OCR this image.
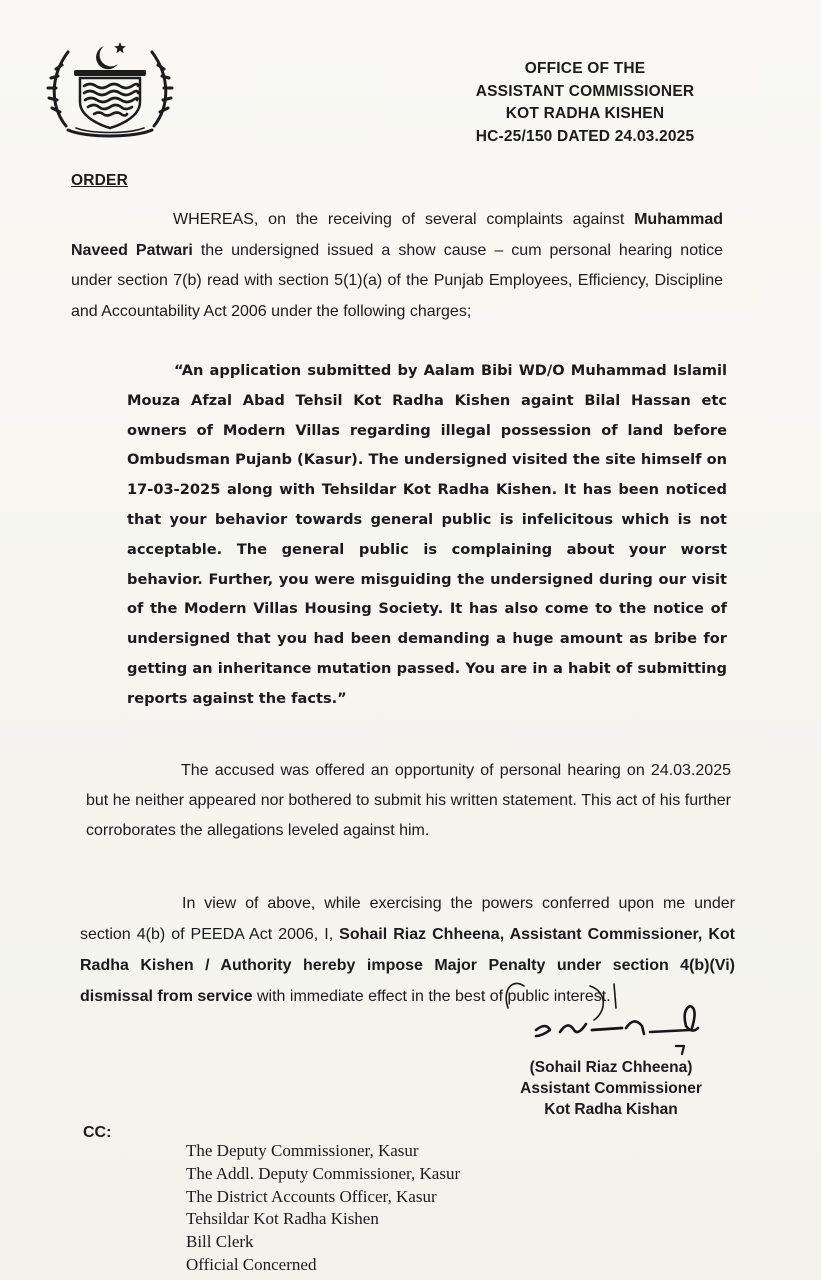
OFFICE OF THE
ASSISTANT COMMISSIONER
KOT RADHA KISHEN
HC-25/150 DATED 24.03.2025
ORDER

WHEREAS, on the receiving of several complaints against Muhammad Naveed Patwari the undersigned issued a show cause – cum personal hearing notice under section 7(b) read with section 5(1)(a) of the Punjab Employees, Efficiency, Discipline and Accountability Act 2006 under the following charges;

“An application submitted by Aalam Bibi WD/O Muhammad Islamil Mouza Afzal Abad Tehsil Kot Radha Kishen againt Bilal Hassan etc owners of Modern Villas regarding illegal possession of land before Ombudsman Pujanb (Kasur). The undersigned visited the site himself on 17-03-2025 along with Tehsildar Kot Radha Kishen. It has been noticed that your behavior towards general public is infelicitous which is not acceptable. The general public is complaining about your worst behavior. Further, you were misguiding the undersigned during our visit of the Modern Villas Housing Society. It has also come to the notice of undersigned that you had been demanding a huge amount as bribe for getting an inheritance mutation passed. You are in a habit of submitting reports against the facts.”

The accused was offered an opportunity of personal hearing on 24.03.2025 but he neither appeared nor bothered to submit his written statement. This act of his further corroborates the allegations leveled against him.

In view of above, while exercising the powers conferred upon me under section 4(b) of PEEDA Act 2006, I, Sohail Riaz Chheena, Assistant Commissioner, Kot Radha Kishen / Authority hereby impose Major Penalty under section 4(b)(Vi) dismissal from service with immediate effect in the best of public interest.

(Sohail Riaz Chheena)
Assistant Commissioner
Kot Radha Kishan
CC:
The Deputy Commissioner, Kasur
The Addl. Deputy Commissioner, Kasur
The District Accounts Officer, Kasur
Tehsildar Kot Radha Kishen
Bill Clerk
Official Concerned
